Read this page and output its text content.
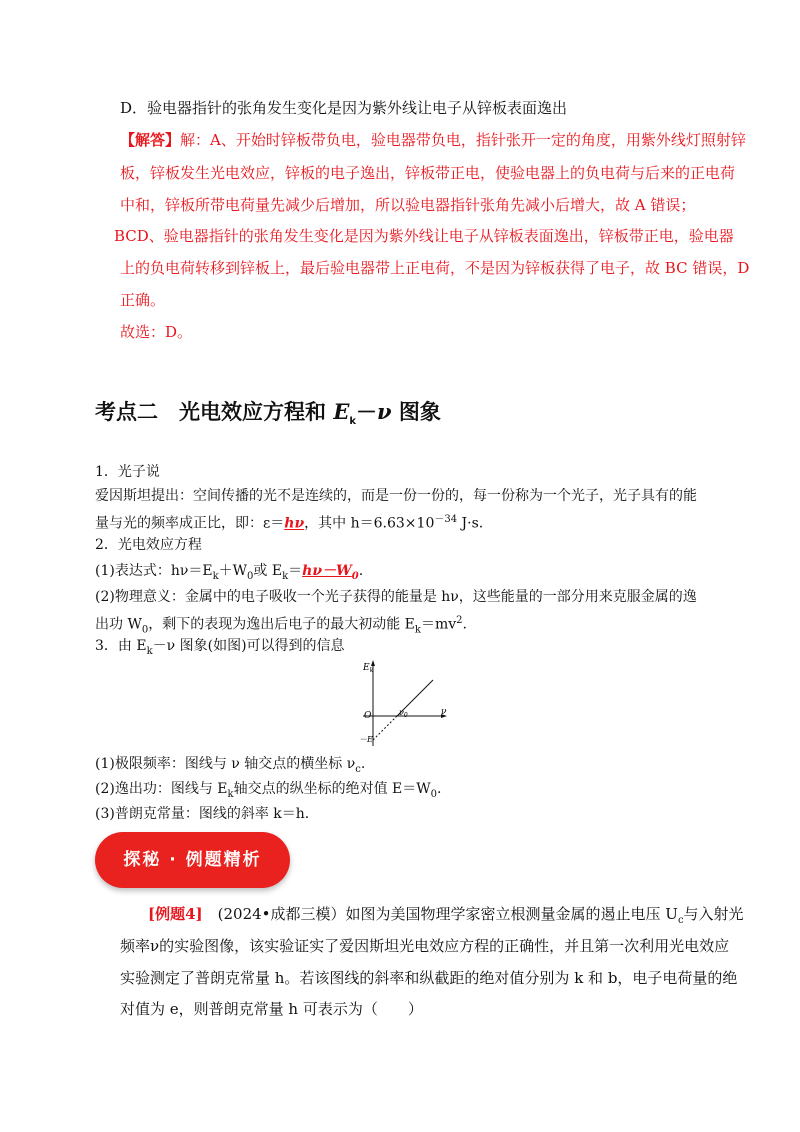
D．验电器指针的张角发生变化是因为紫外线让电子从锌板表面逸出
【解答】解：A、开始时锌板带负电，验电器带负电，指针张开一定的角度，用紫外线灯照射锌
板，锌板发生光电效应，锌板的电子逸出，锌板带正电，使验电器上的负电荷与后来的正电荷
中和，锌板所带电荷量先减少后增加，所以验电器指针张角先减小后增大，故 A 错误；
BCD、验电器指针的张角发生变化是因为紫外线让电子从锌板表面逸出，锌板带正电，验电器
上的负电荷转移到锌板上，最后验电器带上正电荷，不是因为锌板获得了电子，故 BC 错误，D
正确。
故选：D。
考点二　光电效应方程和 $E_k-\nu$ 图象
1．光子说
爱因斯坦提出：空间传播的光不是连续的，而是一份一份的，每一份称为一个光子，光子具有的能
量与光的频率成正比，即：ε＝hν，其中 $h=6.63\times 10^{-34}$ J·s.
2．光电效应方程
(1)表达式：$h\nu=E_k+W_0$或 $E_k=h\nu-W_0$.
(2)物理意义：金属中的电子吸收一个光子获得的能量是 hν，这些能量的一部分用来克服金属的逸
出功 $W_0$，剩下的表现为逸出后电子的最大初动能 $E_k=mv^2$.
3．由 $E_k-\nu$ 图象(如图)可以得到的信息
$E_k$
ν
O	$\nu_0$
－E
(1)极限频率：图线与 ν 轴交点的横坐标 $\nu_c$.
(2)逸出功：图线与 $E_k$轴交点的纵坐标的绝对值 $E=W_0$.
(3)普朗克常量：图线的斜率 k＝h.
探秘 · 例题精析
[例题4]　(2024•成都三模）如图为美国物理学家密立根测量金属的遏止电压 $U_c$与入射光
频率ν的实验图像，该实验证实了爱因斯坦光电效应方程的正确性，并且第一次利用光电效应
实验测定了普朗克常量 h。若该图线的斜率和纵截距的绝对值分别为 k 和 b，电子电荷量的绝
对值为 e，则普朗克常量 h 可表示为（　　）
